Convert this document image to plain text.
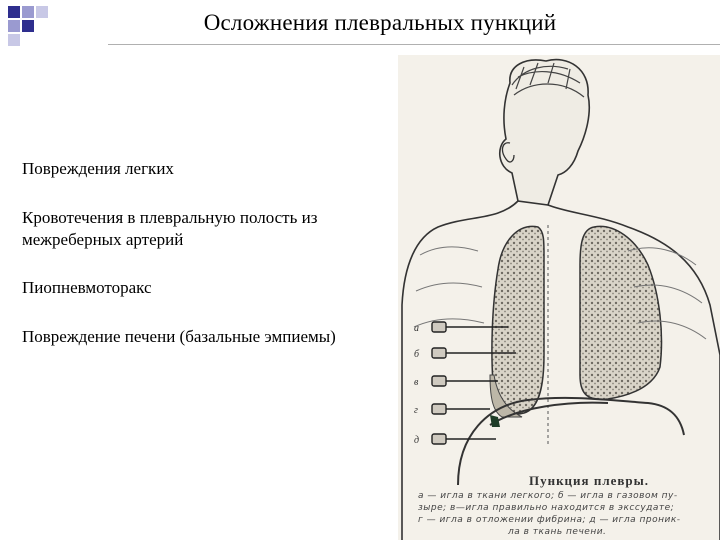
Осложнения плевральных пункций
Повреждения легких
Кровотечения в плевральную полость из межреберных артерий
Пиопневмоторакс
Повреждение печени (базальные эмпиемы)	а
б
в
г
д
Пункция плевры.
а — игла в ткани легкого; б — игла в газовом пу-
зыре; в—игла правильно находится в экссудате;
г — игла в отложении фибрина; д — игла проник-
ла в ткань печени.
